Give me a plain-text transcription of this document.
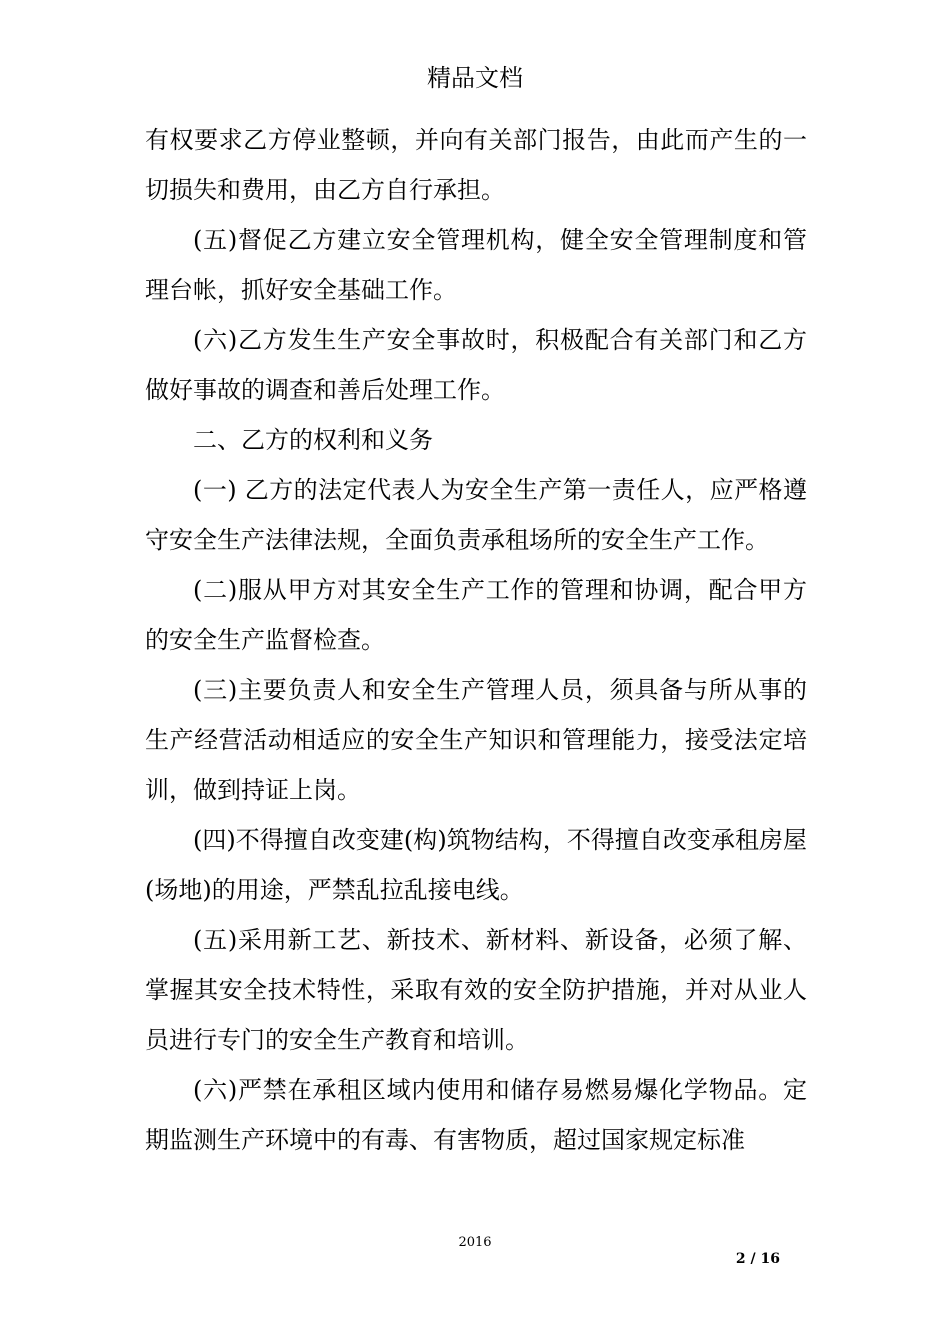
精品文档

有权要求乙方停业整顿，并向有关部门报告，由此而产生的一切损失和费用，由乙方自行承担。

(五)督促乙方建立安全管理机构，健全安全管理制度和管理台帐，抓好安全基础工作。

(六)乙方发生生产安全事故时，积极配合有关部门和乙方做好事故的调查和善后处理工作。

二、乙方的权利和义务

(一) 乙方的法定代表人为安全生产第一责任人，应严格遵守安全生产法律法规，全面负责承租场所的安全生产工作。

(二)服从甲方对其安全生产工作的管理和协调，配合甲方的安全生产监督检查。

(三)主要负责人和安全生产管理人员，须具备与所从事的生产经营活动相适应的安全生产知识和管理能力，接受法定培训，做到持证上岗。

(四)不得擅自改变建(构)筑物结构，不得擅自改变承租房屋(场地)的用途，严禁乱拉乱接电线。

(五)采用新工艺、新技术、新材料、新设备，必须了解、掌握其安全技术特性，采取有效的安全防护措施，并对从业人员进行专门的安全生产教育和培训。

(六)严禁在承租区域内使用和储存易燃易爆化学物品。定期监测生产环境中的有毒、有害物质，超过国家规定标准

2016
2 / 16
